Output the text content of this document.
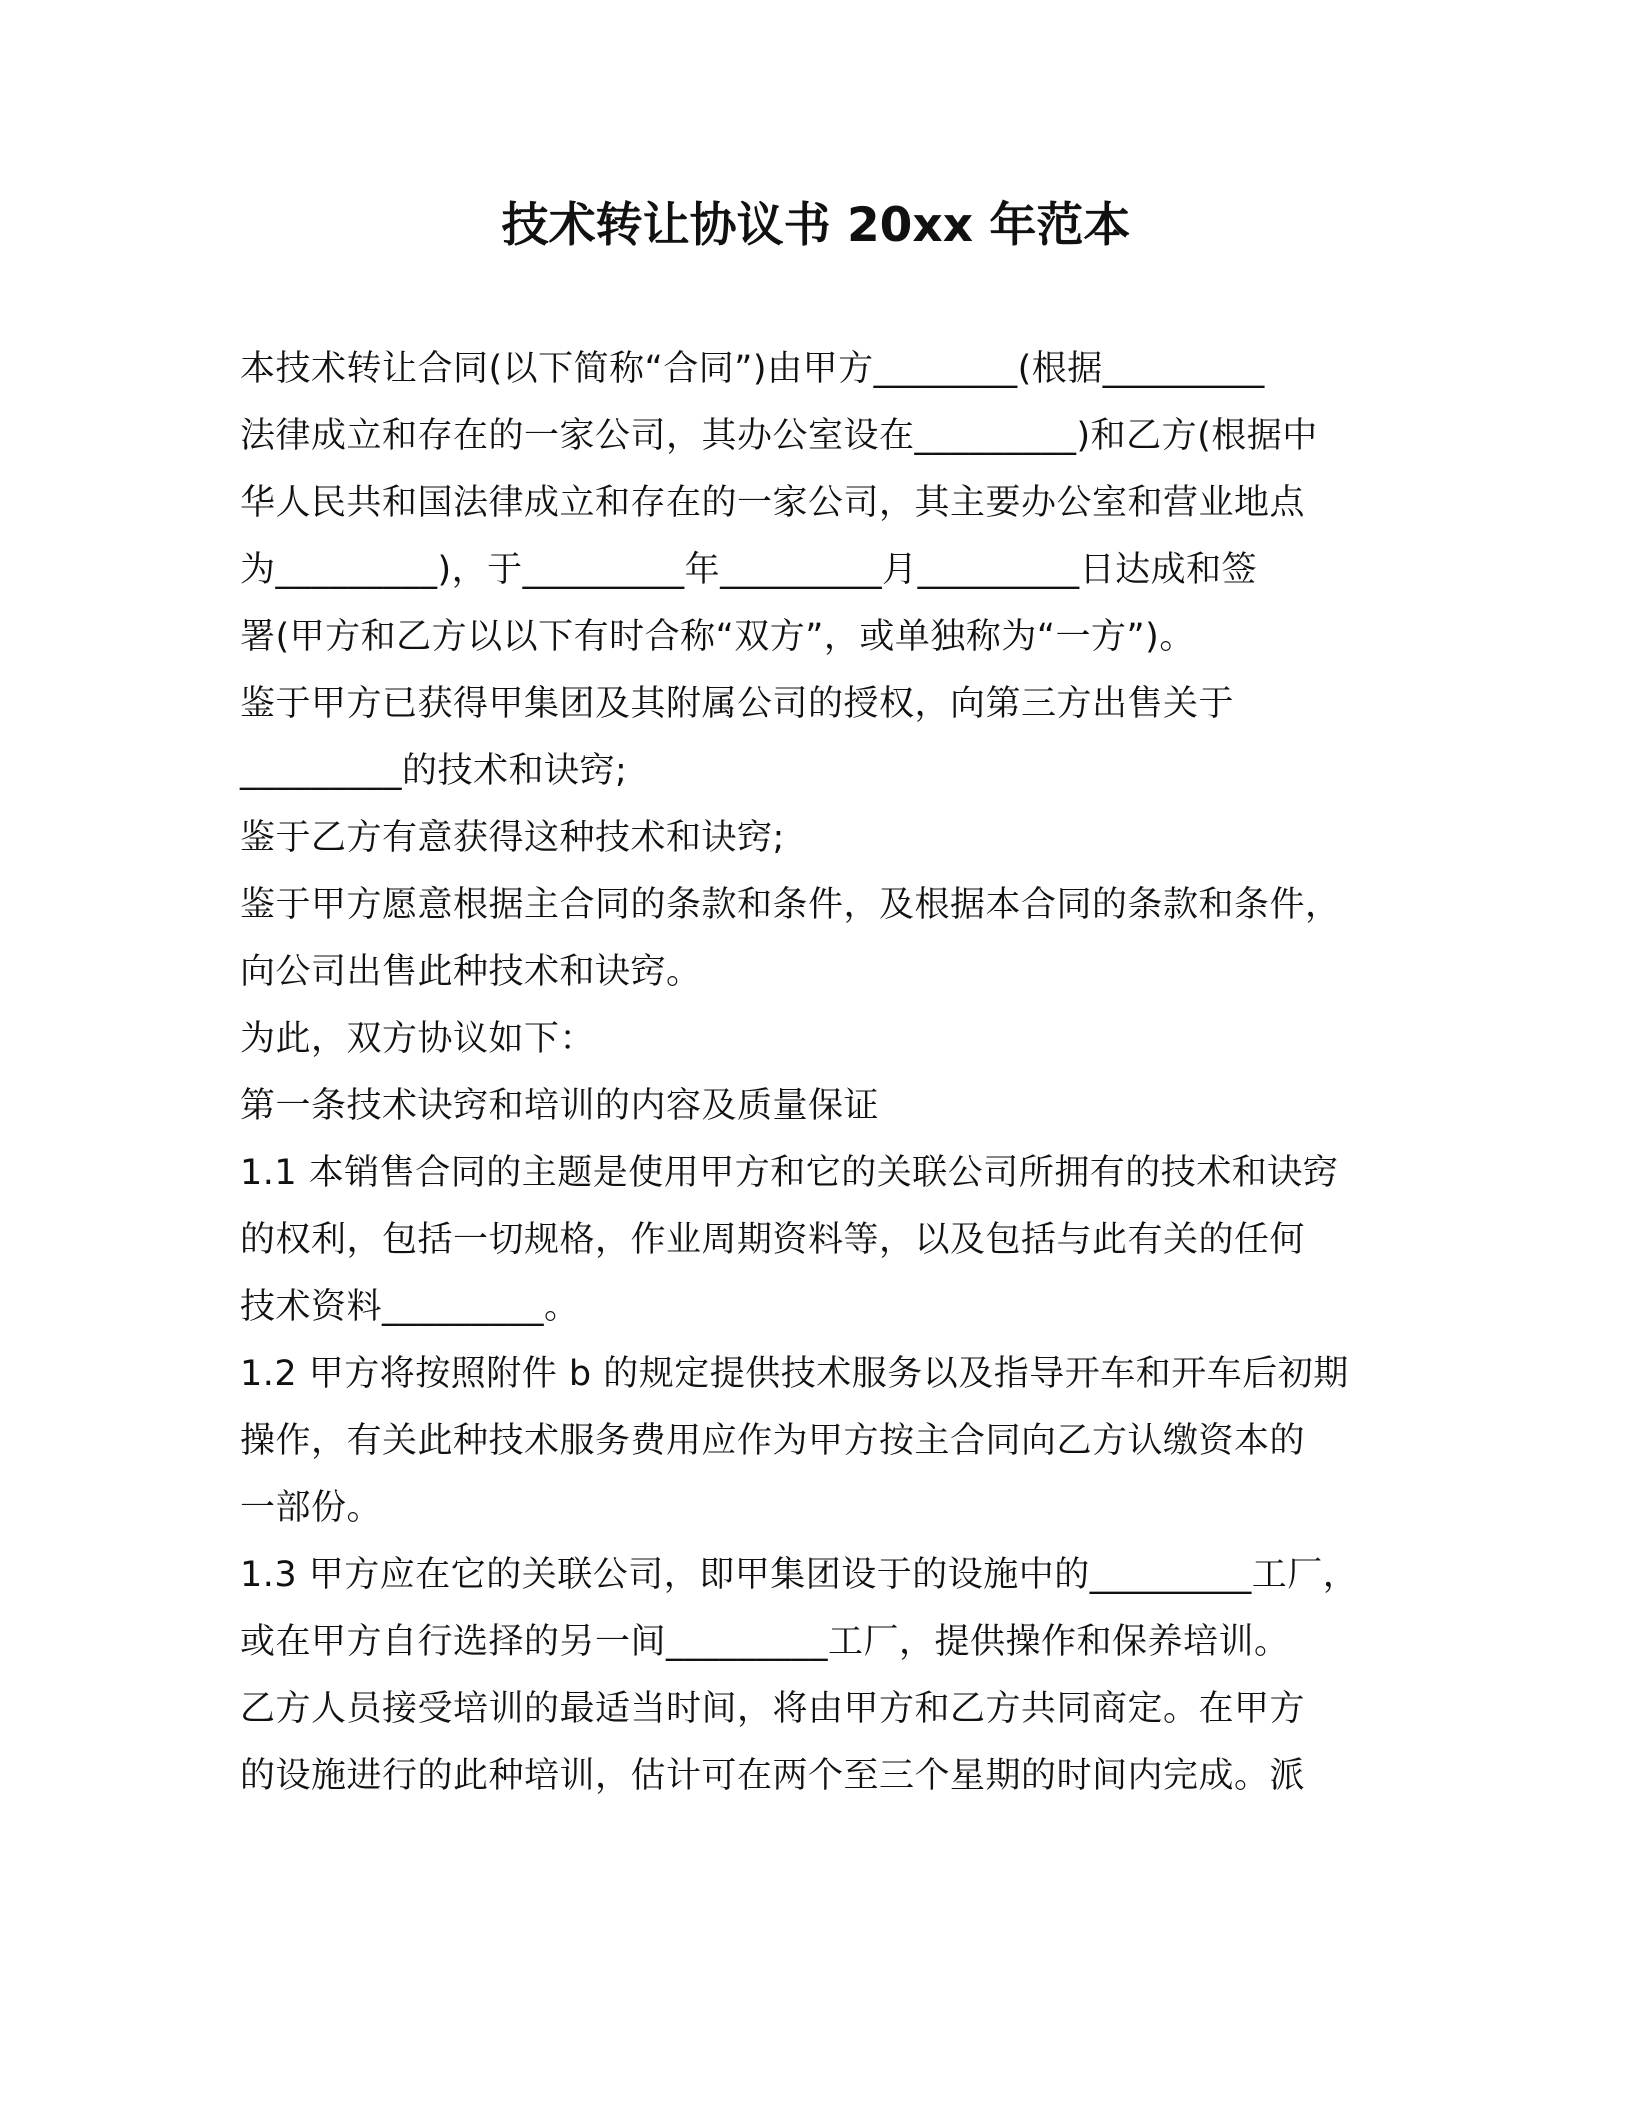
技术转让协议书 20xx 年范本
本技术转让合同(以下简称“合同”)由甲方________(根据_________
法律成立和存在的一家公司，其办公室设在_________)和乙方(根据中
华人民共和国法律成立和存在的一家公司，其主要办公室和营业地点
为_________)，于_________年_________月_________日达成和签
署(甲方和乙方以以下有时合称“双方”，或单独称为“一方”)。
鉴于甲方已获得甲集团及其附属公司的授权，向第三方出售关于
_________的技术和诀窍;
鉴于乙方有意获得这种技术和诀窍;
鉴于甲方愿意根据主合同的条款和条件，及根据本合同的条款和条件，
向公司出售此种技术和诀窍。
为此，双方协议如下：
第一条技术诀窍和培训的内容及质量保证
1.1 本销售合同的主题是使用甲方和它的关联公司所拥有的技术和诀窍
的权利，包括一切规格，作业周期资料等，以及包括与此有关的任何
技术资料_________。
1.2 甲方将按照附件 b 的规定提供技术服务以及指导开车和开车后初期
操作，有关此种技术服务费用应作为甲方按主合同向乙方认缴资本的
一部份。
1.3 甲方应在它的关联公司，即甲集团设于的设施中的_________工厂，
或在甲方自行选择的另一间_________工厂，提供操作和保养培训。
乙方人员接受培训的最适当时间，将由甲方和乙方共同商定。在甲方
的设施进行的此种培训，估计可在两个至三个星期的时间内完成。派
